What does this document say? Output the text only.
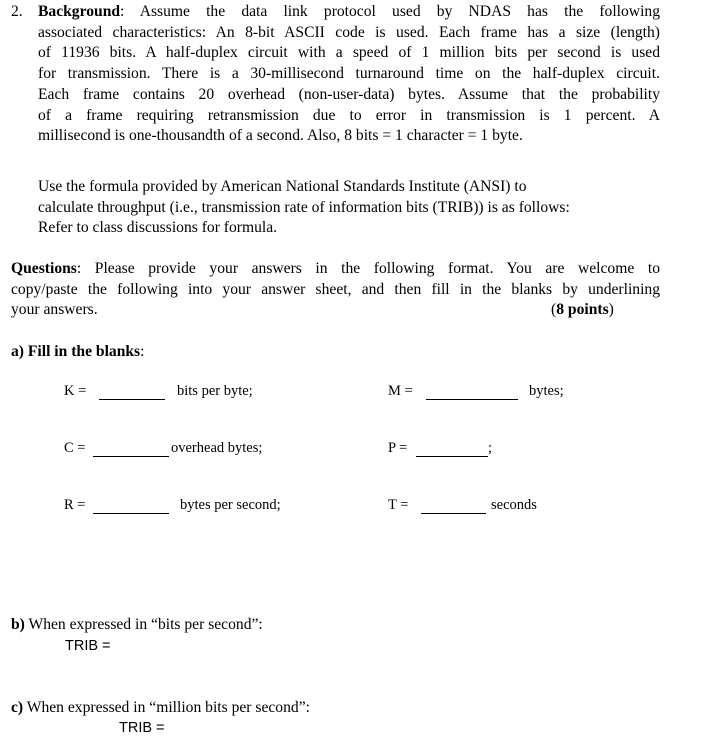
2. Background: Assume the data link protocol used by NDAS has the following
associated characteristics: An 8-bit ASCII code is used. Each frame has a size (length)
of 11936 bits. A half-duplex circuit with a speed of 1 million bits per second is used
for transmission. There is a 30-millisecond turnaround time on the half-duplex circuit.
Each frame contains 20 overhead (non-user-data) bytes. Assume that the probability
of a frame requiring retransmission due to error in transmission is 1 percent. A
millisecond is one-thousandth of a second. Also, 8 bits = 1 character = 1 byte.
Use the formula provided by American National Standards Institute (ANSI) to
calculate throughput (i.e., transmission rate of information bits (TRIB)) is as follows:
Refer to class discussions for formula.
Questions: Please provide your answers in the following format. You are welcome to
copy/paste the following into your answer sheet, and then fill in the blanks by underlining
your answers.	(8 points)
a) Fill in the blanks:
K =	bits per byte;	M =	bytes;
C =	overhead bytes;	P =	;
R =	bytes per second;	T =	seconds
b) When expressed in “bits per second”:
TRIB =
c) When expressed in “million bits per second”:
TRIB =
